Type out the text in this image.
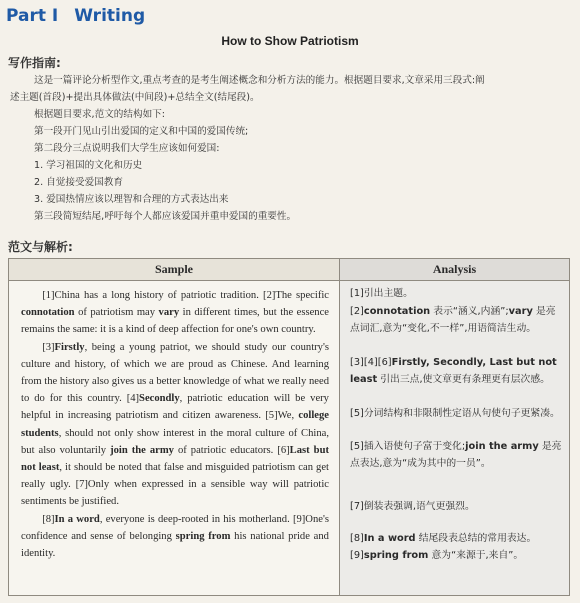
Part I Writing
How to Show Patriotism
写作指南:
这是一篇评论分析型作文,重点考查的是考生阐述概念和分析方法的能力。根据题目要求,文章采用三段式:阐
述主题(首段)+提出具体做法(中间段)+总结全文(结尾段)。
根据题目要求,范文的结构如下:
第一段开门见山引出爱国的定义和中国的爱国传统;
第二段分三点说明我们大学生应该如何爱国:
1. 学习祖国的文化和历史
2. 自觉接受爱国教育
3. 爱国热情应该以理智和合理的方式表达出来
第三段简短结尾,呼吁每个人都应该爱国并重申爱国的重要性。
范文与解析:
Sample

[1]China has a long history of patriotic tradition. [2]The specific connotation of patriotism may vary in different times, but the essence remains the same: it is a kind of deep affection for one's own country.

[3]Firstly, being a young patriot, we should study our country's culture and history, of which we are proud as Chinese. And learning from the history also gives us a better knowledge of what we really need to do for this country. [4]Secondly, patriotic education will be very helpful in increasing patriotism and citizen awareness. [5]We, college students, should not only show interest in the moral culture of China, but also voluntarily join the army of patriotic educators. [6]Last but not least, it should be noted that false and misguided patriotism can get really ugly. [7]Only when expressed in a sensible way will patriotic sentiments be justified.

[8]In a word, everyone is deep-rooted in his motherland. [9]One's confidence and sense of belonging spring from his national pride and identity.

Analysis
[1]引出主题。
[2]connotation 表示“涵义,内涵”;vary 是亮点词汇,意为“变化,不一样”,用语简洁生动。
[3][4][6]Firstly, Secondly, Last but not least 引出三点,使文章更有条理更有层次感。
[5]分词结构和非限制性定语从句使句子更紧凑。
[5]插入语使句子富于变化;join the army 是亮点表达,意为“成为其中的一员”。
[7]倒装表强调,语气更强烈。
[8]In a word 结尾段表总结的常用表达。
[9]spring from 意为“来源于,来自”。
